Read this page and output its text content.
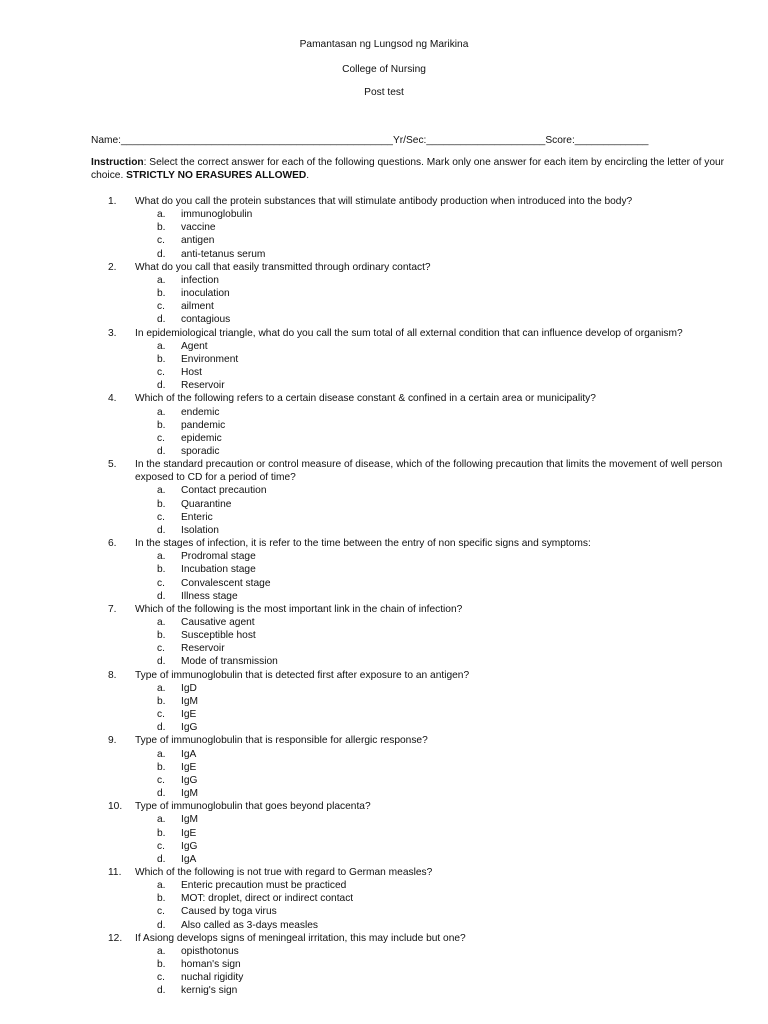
Pamantasan ng Lungsod ng Marikina
College of Nursing
Post test
Name:________________________________________________Yr/Sec:_____________________Score:_____________
Instruction: Select the correct answer for each of the following questions. Mark only one answer for each item by encircling the letter of your choice. STRICTLY NO ERASURES ALLOWED.
1.	What do you call the protein substances that will stimulate antibody production when introduced into the body?
a.	immunoglobulin
b.	vaccine
c.	antigen
d.	anti-tetanus serum
2.	What do you call that easily transmitted through ordinary contact?
a.	infection
b.	inoculation
c.	ailment
d.	contagious
3.	In epidemiological triangle, what do you call the sum total of all external condition that can influence develop of organism?
a.	Agent
b.	Environment
c.	Host
d.	Reservoir
4.	Which of the following refers to a certain disease constant & confined in a certain area or municipality?
a.	endemic
b.	pandemic
c.	epidemic
d.	sporadic
5.	In the standard precaution or control measure of disease, which of the following precaution that limits the movement of well person exposed to CD for a period of time?
a.	Contact precaution
b.	Quarantine
c.	Enteric
d.	Isolation
6.	In the stages of infection, it is refer to the time between the entry of non specific signs and symptoms:
a.	Prodromal stage
b.	Incubation stage
c.	Convalescent stage
d.	Illness stage
7.	Which of the following is the most important link in the chain of infection?
a.	Causative agent
b.	Susceptible host
c.	Reservoir
d.	Mode of transmission
8.	Type of immunoglobulin that is detected first after exposure to an antigen?
a.	IgD
b.	IgM
c.	IgE
d.	IgG
9.	Type of immunoglobulin that is responsible for allergic response?
a.	IgA
b.	IgE
c.	IgG
d.	IgM
10.	Type of immunoglobulin that goes beyond placenta?
a.	IgM
b.	IgE
c.	IgG
d.	IgA
11.	Which of the following is not true with regard to German measles?
a.	Enteric precaution must be practiced
b.	MOT: droplet, direct or indirect contact
c.	Caused by toga virus
d.	Also called as 3-days measles
12.	If Asiong develops signs of meningeal irritation, this may include but one?
a.	opisthotonus
b.	homan's sign
c.	nuchal rigidity
d.	kernig's sign
